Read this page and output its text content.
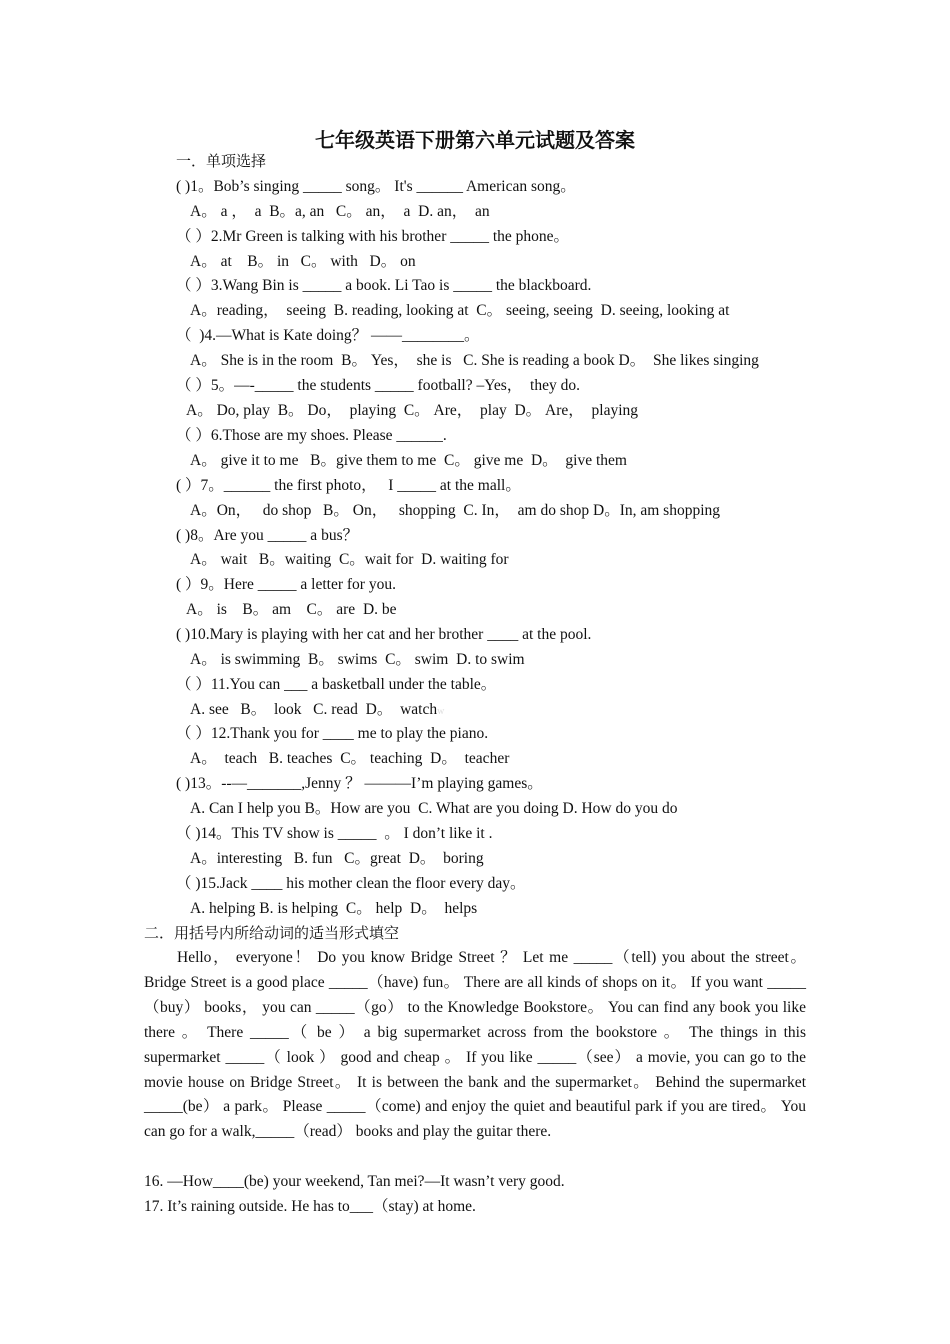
七年级英语下册第六单元试题及答案
一．单项选择
( )1。Bob’s singing _____ song。 It's ______ American song。
A。 a ，  a  B。a, an   C。 an，  a  D. an，  an
（ ）2.Mr Green is talking with his brother _____ the phone。
A。 at    B。 in   C。 with   D。 on
（ ）3.Wang Bin is _____ a book. Li Tao is _____ the blackboard.
A。reading，  seeing  B. reading, looking at  C。 seeing, seeing  D. seeing, looking at
（  )4.—What is Kate doing？ ——________。
A。 She is in the room  B。 Yes，  she is   C. She is reading a book D。  She likes singing
（ ）5。—-_____ the students _____ football? –Yes，  they do.
A。 Do, play  B。 Do，  playing  C。 Are，  play  D。 Are，  playing
（ ）6.Those are my shoes. Please ______.
A。 give it to me   B。give them to me  C。 give me  D。  give them
( ）7。______ the first photo，   I _____ at the mall。
A。On，   do shop   B。 On，   shopping  C. In，  am do shop D。In, am shopping
( )8。Are you _____ a bus？
A。 wait   B。waiting  C。wait for  D. waiting for
( ）9。Here _____ a letter for you.
A。 is    B。 am    C。 are  D. be
( )10.Mary is playing with her cat and her brother ____ at the pool.
A。 is swimming  B。 swims  C。 swim  D. to swim
（ ）11.You can ___ a basketball under the table。
A. see   B。  look   C. read  D。  watchw
（ ）12.Thank you for ____ me to play the piano.
A。  teach   B. teaches  C。 teaching  D。  teacher
( )13。--—_______,Jenny ？ ———I’m playing games。
A. Can I help you B。How are you  C. What are you doing D. How do you do
（ )14。This TV show is _____  。 I don’t like it .
A。interesting   B. fun   C。great  D。  boring
（ )15.Jack ____ his mother clean the floor every day。
A. helping B. is helping  C。 help  D。  helps
二．用括号内所给动词的适当形式填空
Hello， everyone！ Do you know Bridge Street ？ Let me _____（tell) you about the street。 Bridge Street is a good place _____（have) fun。 There are all kinds of shops on it。 If you want _____（buy） books， you can _____（go） to the Knowledge Bookstore。 You can find any book you like there 。 There _____（ be ） a big supermarket across from the bookstore 。 The things in this supermarket _____（ look ） good and cheap 。 If you like _____（see） a movie, you can go to the movie house on Bridge Street。 It is between the bank and the supermarket。 Behind the supermarket _____(be） a park。 Please _____（come) and enjoy the quiet and beautiful park if you are tired。 You can go for a walk,_____（read） books and play the guitar there.
16. —How____(be) your weekend, Tan mei?—It wasn’t very good.
17. It’s raining outside. He has to___（stay) at home.
